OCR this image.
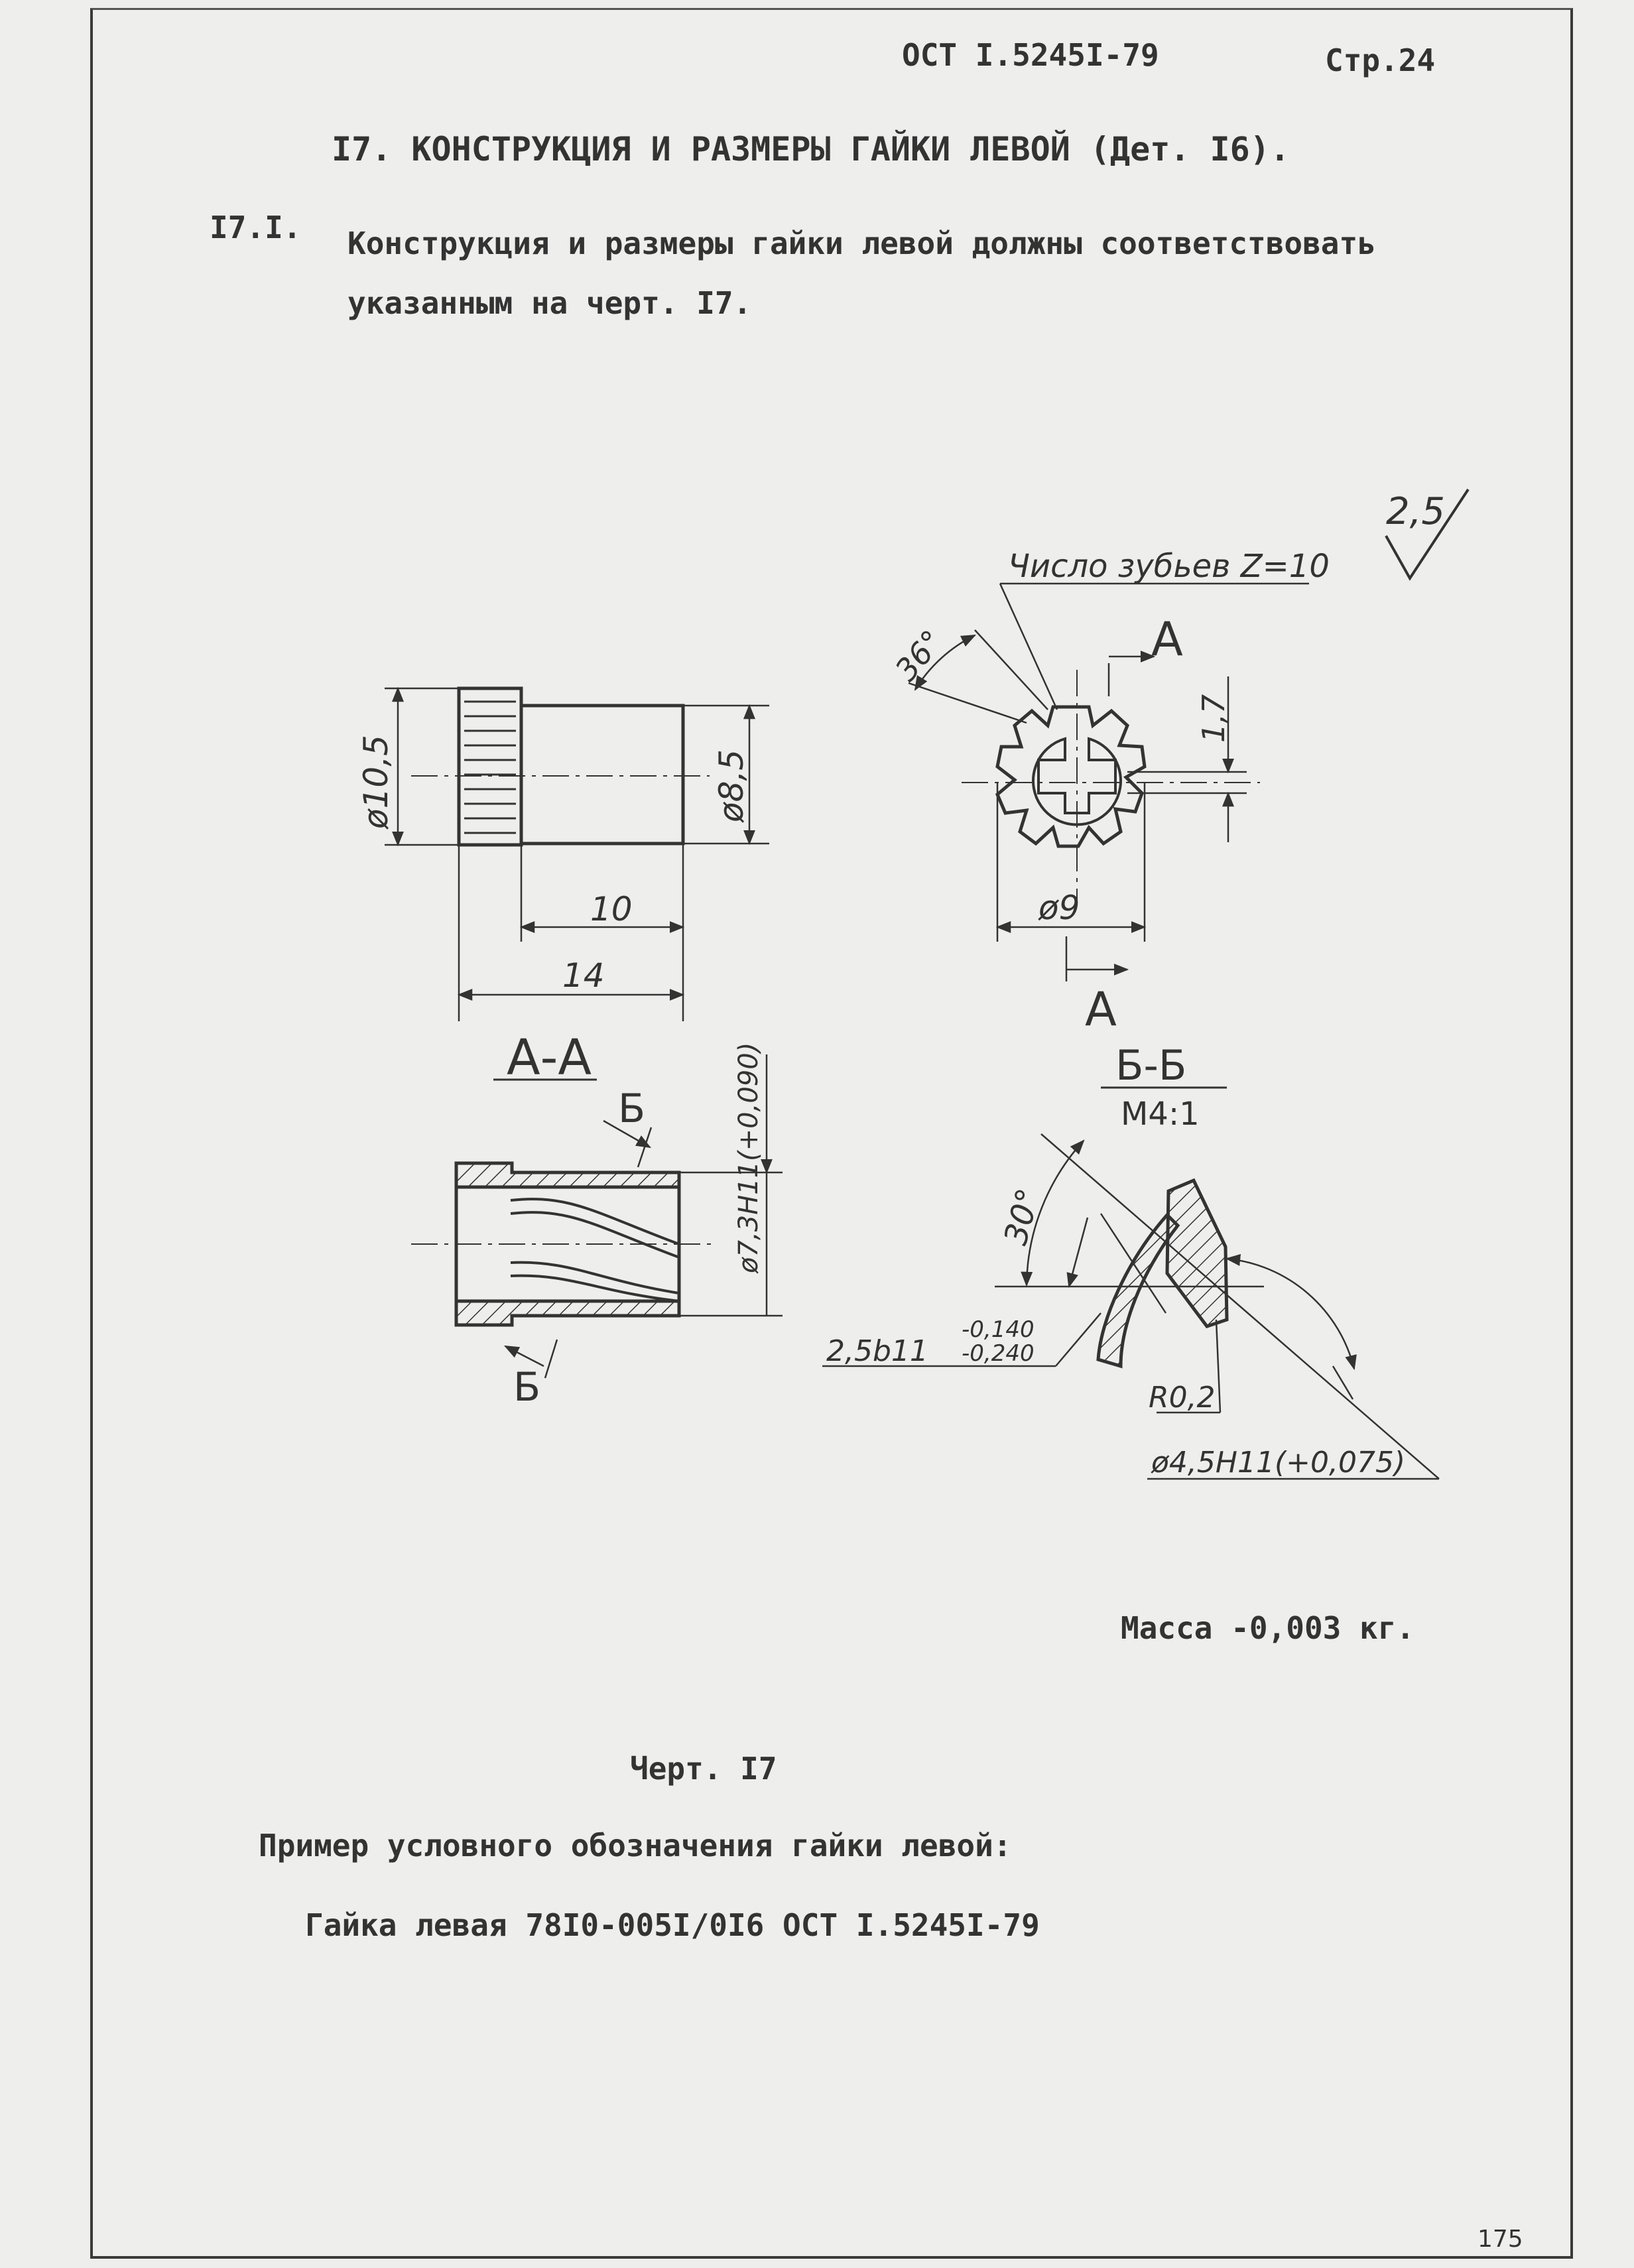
ОСТ I.5245I-79	Стр.24
I7. КОНСТРУКЦИЯ И РАЗМЕРЫ ГАЙКИ ЛЕВОЙ (Дет. I6).
I7.I. Конструкция и размеры гайки левой должны соответствовать
указанным на черт. I7.
2,5
ø10,5	ø8,5
10
14
Число зубьев Z=10
36°
1,7
ø9
А
А
А-А	ø7,3H11(+0,090)
Б
Б
Б-Б
М4:1
30°
2,5b11
-0,140
-0,240
R0,2
ø4,5H11(+0,075)
Масса -0,003 кг.
Черт. I7
Пример условного обозначения гайки левой:
Гайка левая 78I0-005I/0I6 ОСТ I.5245I-79
175
